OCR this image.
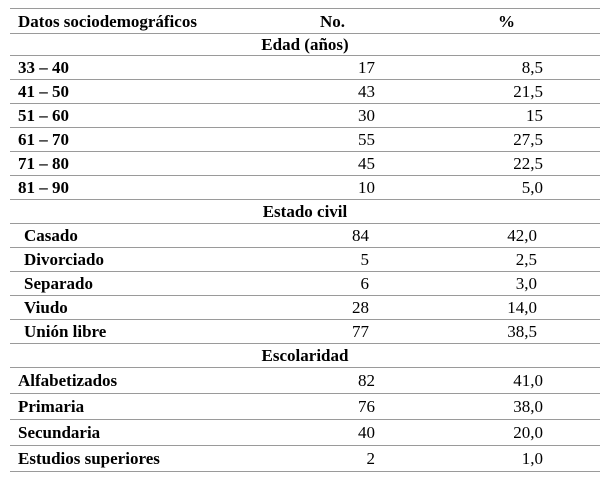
Datos sociodemográficos	No.	%
Edad (años)
33 – 40	17	8,5
41 – 50	43	21,5
51 – 60	30	15
61 – 70	55	27,5
71 – 80	45	22,5
81 – 90	10	5,0
Estado civil
Casado	84	42,0
Divorciado	5	2,5
Separado	6	3,0
Viudo	28	14,0
Unión libre	77	38,5
Escolaridad
Alfabetizados	82	41,0
Primaria	76	38,0
Secundaria	40	20,0
Estudios superiores	2	1,0
